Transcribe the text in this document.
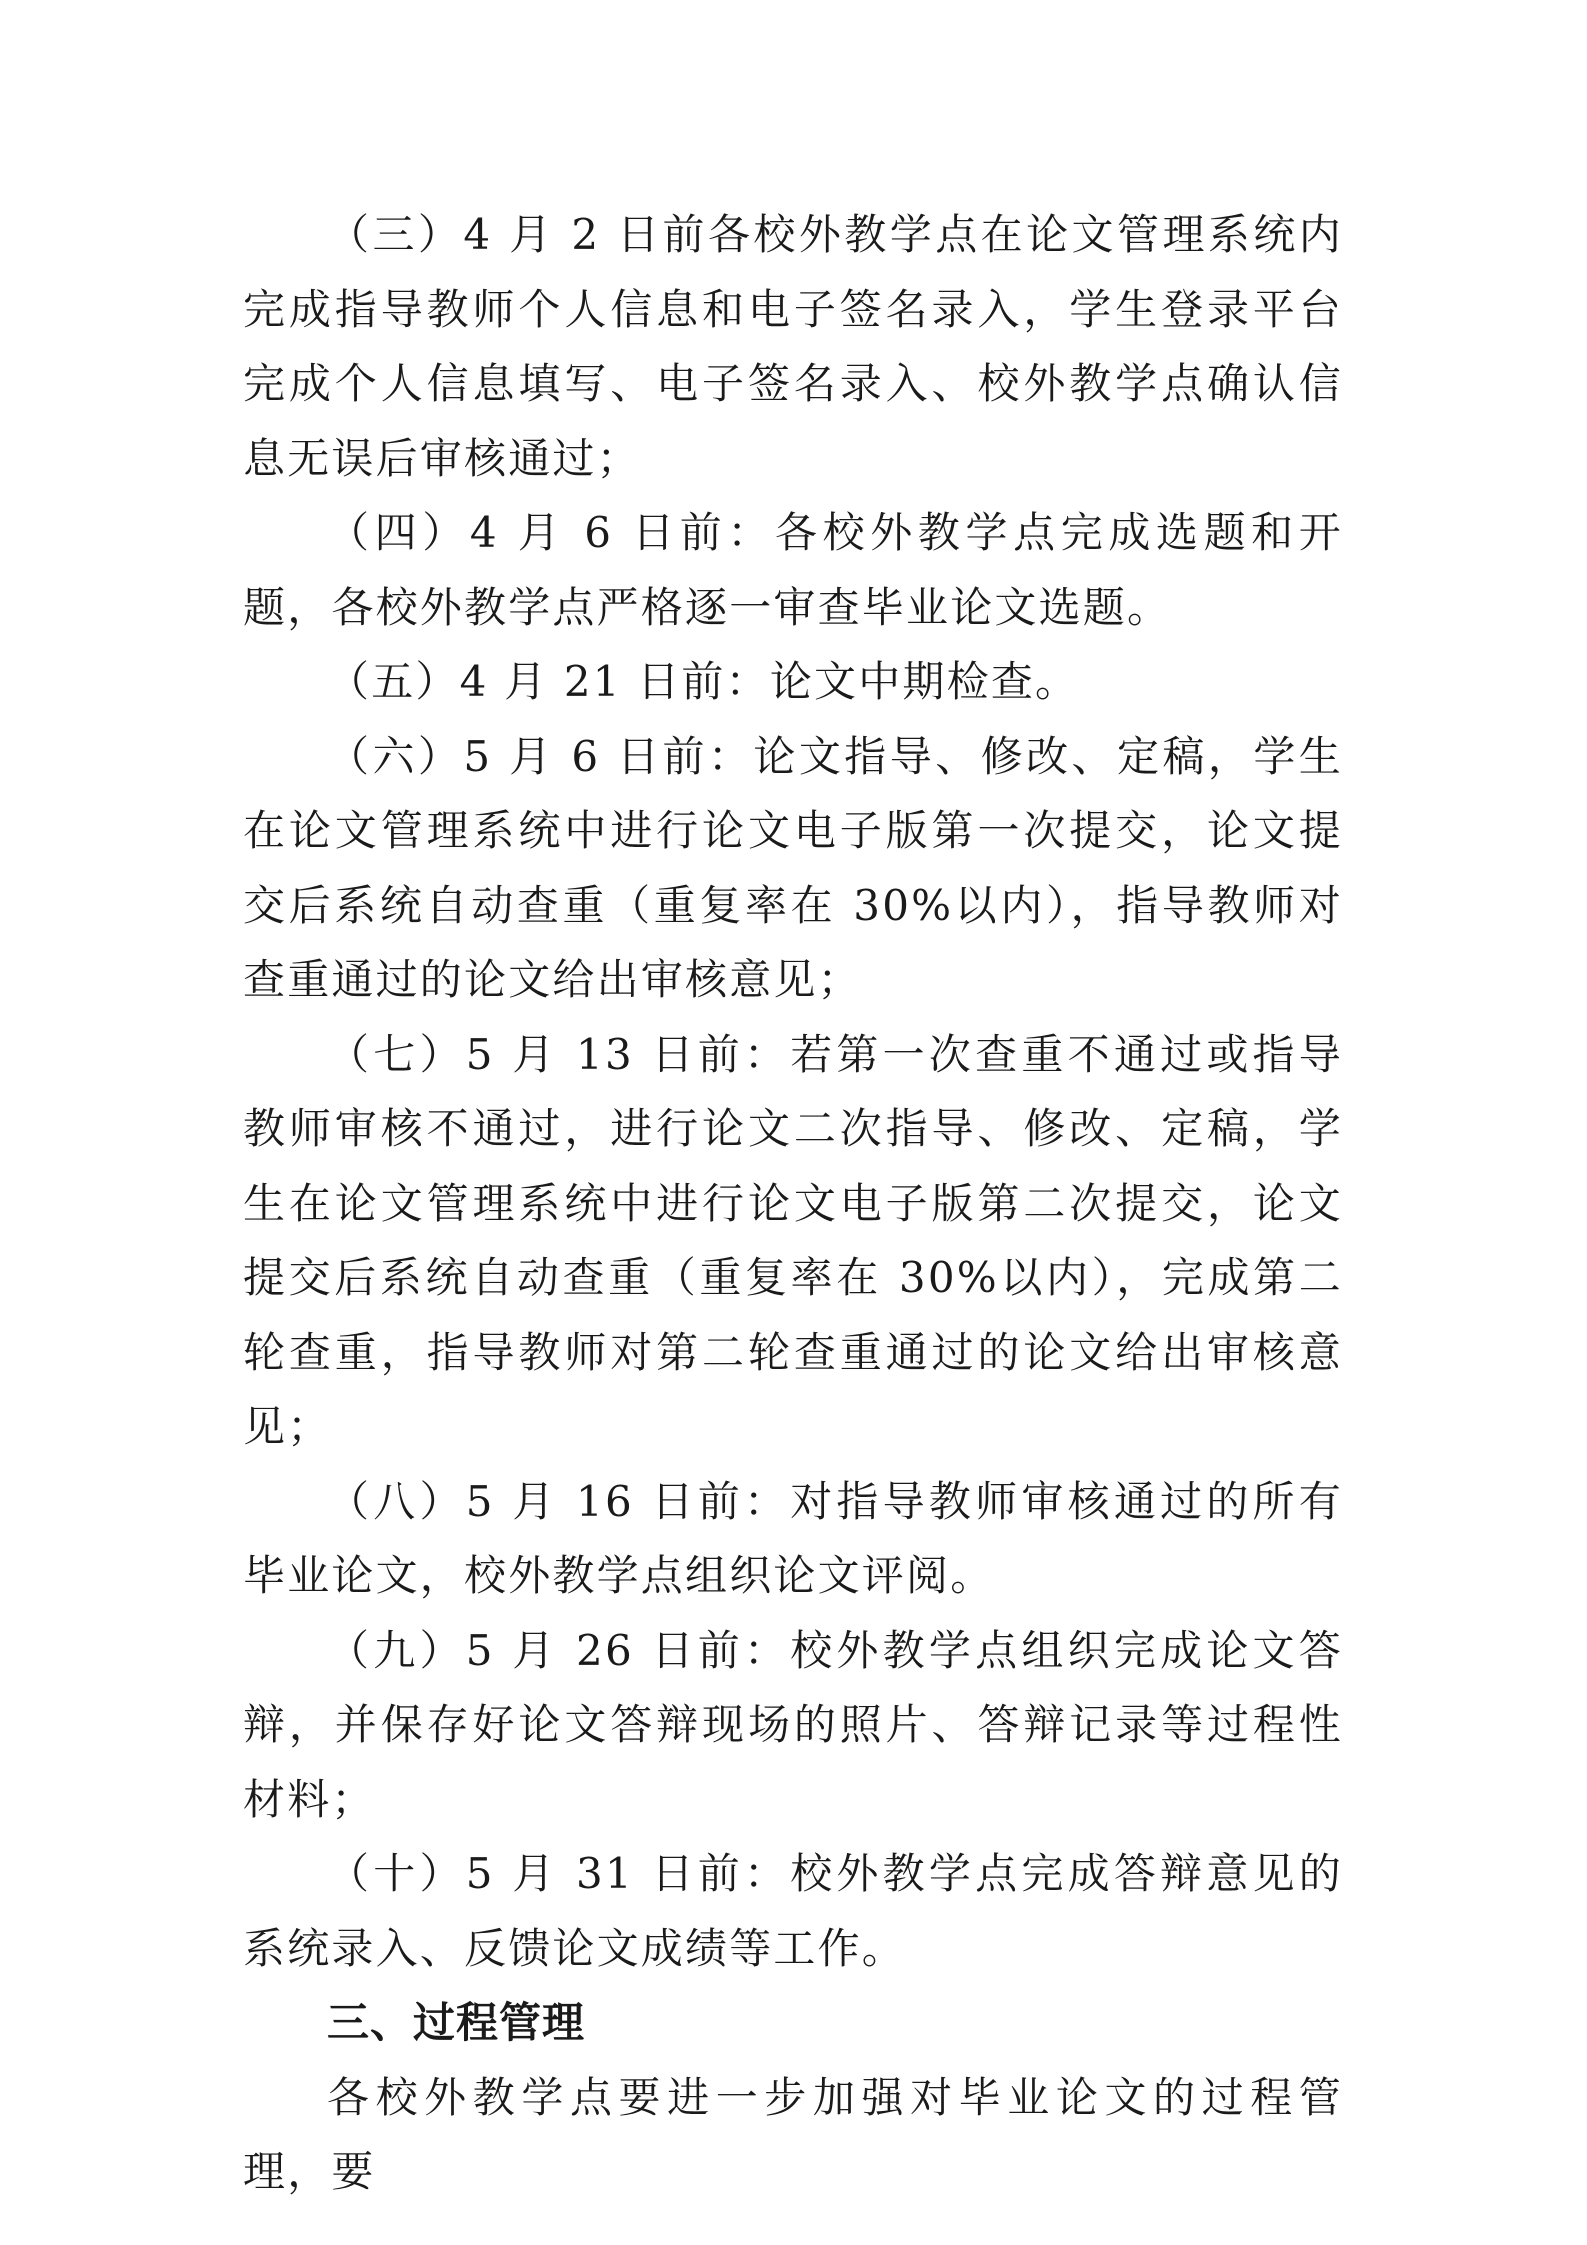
（三）4 月 2 日前各校外教学点在论文管理系统内完成指导教师个人信息和电子签名录入，学生登录平台完成个人信息填写、电子签名录入、校外教学点确认信息无误后审核通过；

（四）4 月 6 日前：各校外教学点完成选题和开题，各校外教学点严格逐一审查毕业论文选题。

（五）4 月 21 日前：论文中期检查。

（六）5 月 6 日前：论文指导、修改、定稿，学生在论文管理系统中进行论文电子版第一次提交，论文提交后系统自动查重（重复率在 30%以内），指导教师对查重通过的论文给出审核意见；

（七）5 月 13 日前：若第一次查重不通过或指导教师审核不通过，进行论文二次指导、修改、定稿，学生在论文管理系统中进行论文电子版第二次提交，论文提交后系统自动查重（重复率在 30%以内），完成第二轮查重，指导教师对第二轮查重通过的论文给出审核意见；

（八）5 月 16 日前：对指导教师审核通过的所有毕业论文，校外教学点组织论文评阅。

（九）5 月 26 日前：校外教学点组织完成论文答辩，并保存好论文答辩现场的照片、答辩记录等过程性材料；

（十）5 月 31 日前：校外教学点完成答辩意见的系统录入、反馈论文成绩等工作。

三、过程管理

各校外教学点要进一步加强对毕业论文的过程管理，要
